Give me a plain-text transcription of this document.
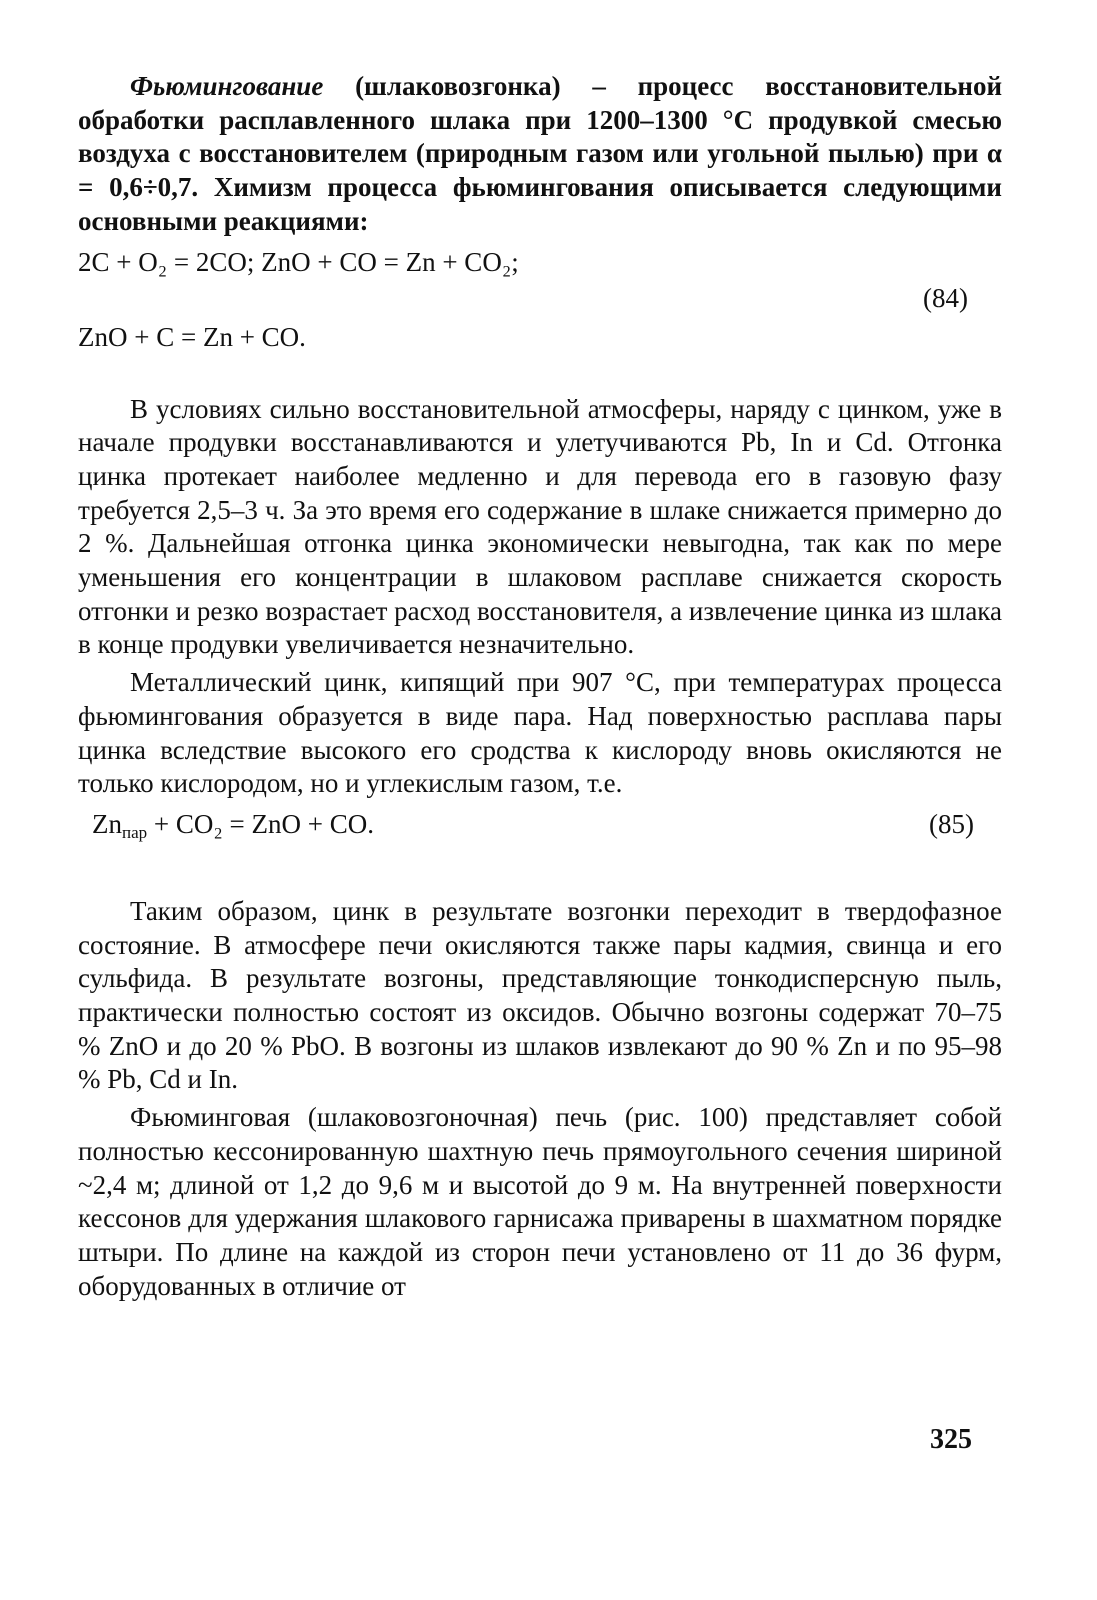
Фьюмингование (шлаковозгонка) – процесс восстановительной обработки расплавленного шлака при 1200–1300 °С продувкой смесью воздуха с восстановителем (природным газом или угольной пылью) при α = 0,6÷0,7. Химизм процесса фьюмингования описывается следующими основными реакциями:

2C + O₂ = 2CO; ZnO + CO = Zn + CO₂;
ZnO + C = Zn + CO.
(84)

В условиях сильно восстановительной атмосферы, наряду с цинком, уже в начале продувки восстанавливаются и улетучиваются Pb, In и Cd. Отгонка цинка протекает наиболее медленно и для перевода его в газовую фазу требуется 2,5–3 ч. За это время его содержание в шлаке снижается примерно до 2 %. Дальнейшая отгонка цинка экономически невыгодна, так как по мере уменьшения его концентрации в шлаковом расплаве снижается скорость отгонки и резко возрастает расход восстановителя, а извлечение цинка из шлака в конце продувки увеличивается незначительно.

Металлический цинк, кипящий при 907 °С, при температурах процесса фьюмингования образуется в виде пара. Над поверхностью расплава пары цинка вследствие высокого его сродства к кислороду вновь окисляются не только кислородом, но и углекислым газом, т.е.

$Zn_{пар} + CO_2$ = ZnO + CO.	(85)

Таким образом, цинк в результате возгонки переходит в твердофазное состояние. В атмосфере печи окисляются также пары кадмия, свинца и его сульфида. В результате возгоны, представляющие тонкодисперсную пыль, практически полностью состоят из оксидов. Обычно возгоны содержат 70–75 % ZnO и до 20 % PbO. В возгоны из шлаков извлекают до 90 % Zn и по 95–98 % Pb, Cd и In.

Фьюминговая (шлаковозгоночная) печь (рис. 100) представляет собой полностью кессонированную шахтную печь прямоугольного сечения шириной ~2,4 м; длиной от 1,2 до 9,6 м и высотой до 9 м. На внутренней поверхности кессонов для удержания шлакового гарнисажа приварены в шахматном порядке штыри. По длине на каждой из сторон печи установлено от 11 до 36 фурм, оборудованных в отличие от

325
